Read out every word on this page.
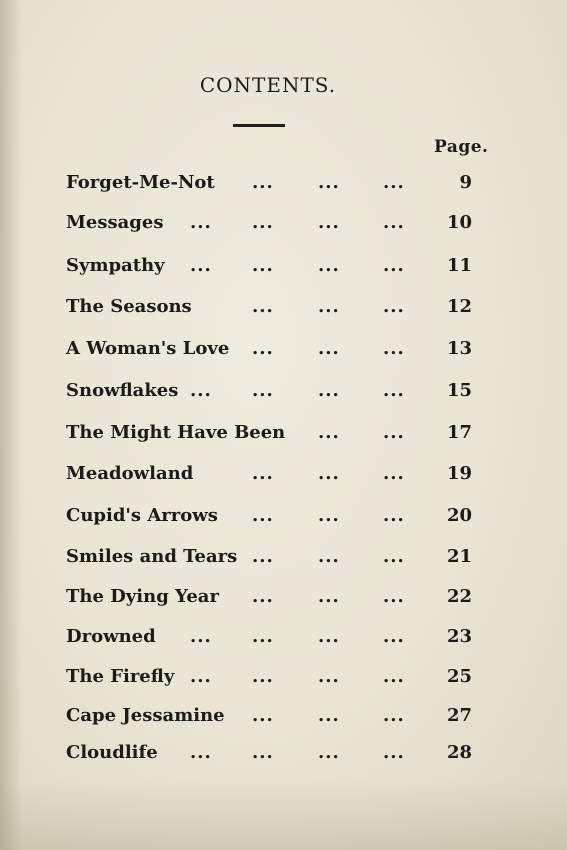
CONTENTS.
Page.
Forget-Me-Not	9
... ... ...
Messages	10
... ... ... ...
Sympathy	11
... ... ... ...
The Seasons	12
... ... ...
A Woman's Love	13
... ... ...
Snowflakes	15
... ... ... ...
The Might Have Been	17
... ...
Meadowland	19
... ... ...
Cupid's Arrows	20
... ... ...
Smiles and Tears	21
... ... ...
The Dying Year	22
... ... ...
Drowned	23
... ... ... ...
The Firefly	25
... ... ... ...
Cape Jessamine	27
... ... ...
Cloudlife	28
... ... ... ...
